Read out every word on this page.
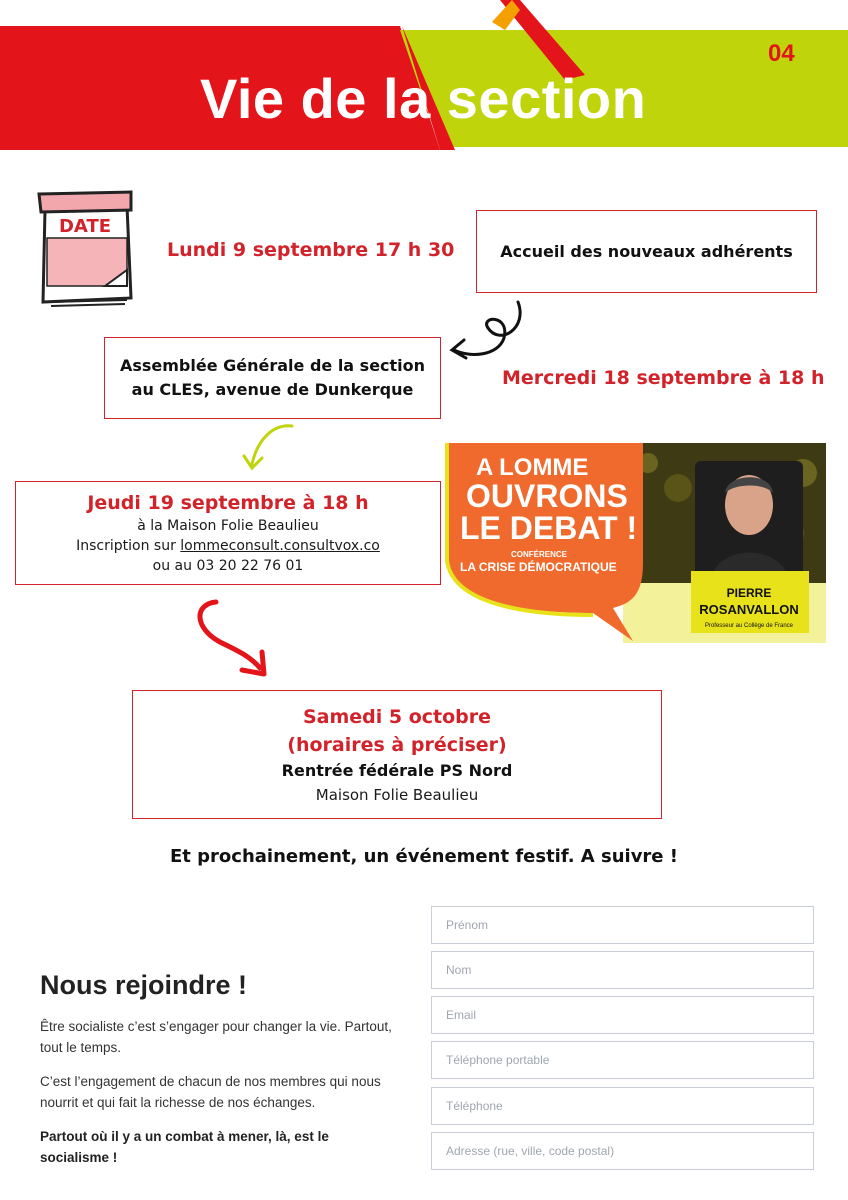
Vie de la section
04
DATE
Lundi 9 septembre 17 h 30	Accueil des nouveaux adhérents
Assemblée Générale de la section
au CLES, avenue de Dunkerque
Mercredi 18 septembre à 18 h
Jeudi 19 septembre à 18 h
à la Maison Folie Beaulieu
Inscription sur lommeconsult.consultvox.co
ou au 03 20 22 76 01
A LOMME
OUVRONS
LE DEBAT !
CONFÉRENCE
LA CRISE DÉMOCRATIQUE
PIERRE
ROSANVALLON
Professeur au Collège de France
Samedi 5 octobre
(horaires à préciser)
Rentrée fédérale PS Nord
Maison Folie Beaulieu
Et prochainement, un événement festif. A suivre !
Nous rejoindre !
Être socialiste c’est s’engager pour changer la vie. Partout, tout le temps.
C’est l’engagement de chacun de nos membres qui nous nourrit et qui fait la richesse de nos échanges.
Partout où il y a un combat à mener, là, est le socialisme !
Prénom
Nom
Email
Téléphone portable
Téléphone
Adresse (rue, ville, code postal)
